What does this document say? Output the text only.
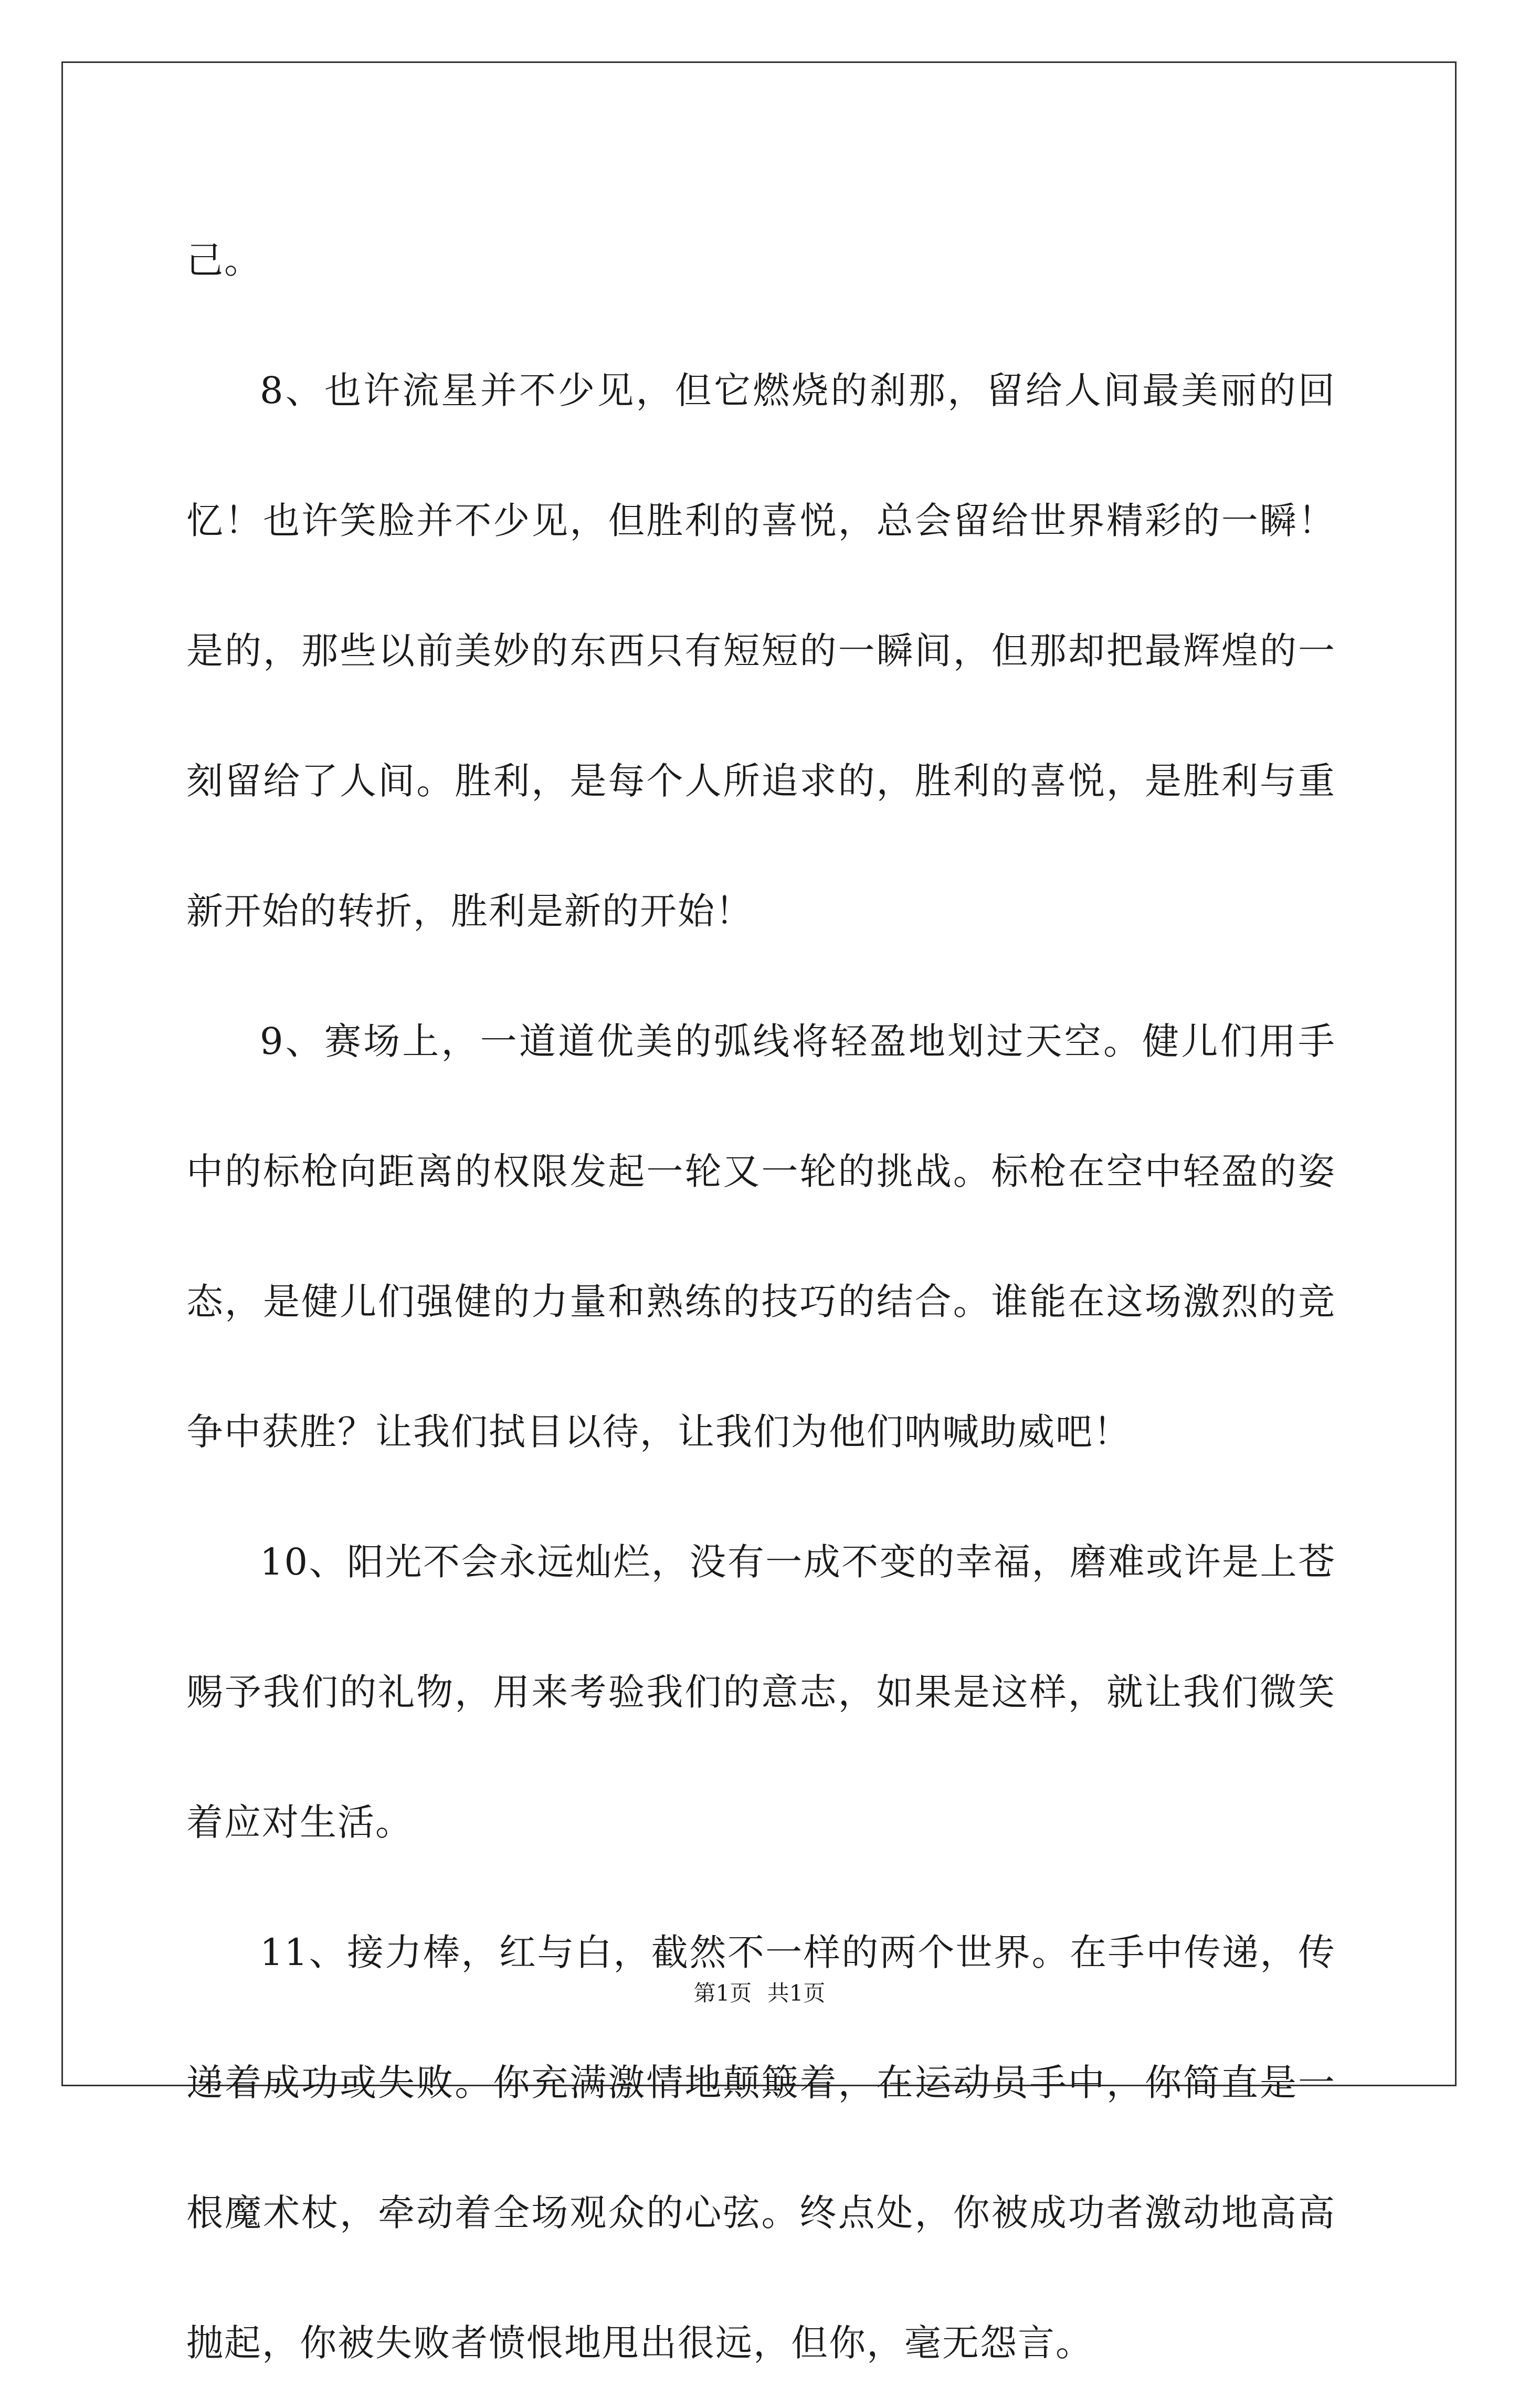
己。

8、也许流星并不少见，但它燃烧的刹那，留给人间最美丽的回忆！也许笑脸并不少见，但胜利的喜悦，总会留给世界精彩的一瞬！是的，那些以前美妙的东西只有短短的一瞬间，但那却把最辉煌的一刻留给了人间。胜利，是每个人所追求的，胜利的喜悦，是胜利与重新开始的转折，胜利是新的开始！

9、赛场上，一道道优美的弧线将轻盈地划过天空。健儿们用手中的标枪向距离的权限发起一轮又一轮的挑战。标枪在空中轻盈的姿态，是健儿们强健的力量和熟练的技巧的结合。谁能在这场激烈的竞争中获胜？让我们拭目以待，让我们为他们呐喊助威吧！

10、阳光不会永远灿烂，没有一成不变的幸福，磨难或许是上苍赐予我们的礼物，用来考验我们的意志，如果是这样，就让我们微笑着应对生活。

11、接力棒，红与白，截然不一样的两个世界。在手中传递，传递着成功或失败。你充满激情地颠簸着，在运动员手中，你简直是一根魔术杖，牵动着全场观众的心弦。终点处，你被成功者激动地高高抛起，你被失败者愤恨地甩出很远，但你，毫无怨言。

第1页 共1页
